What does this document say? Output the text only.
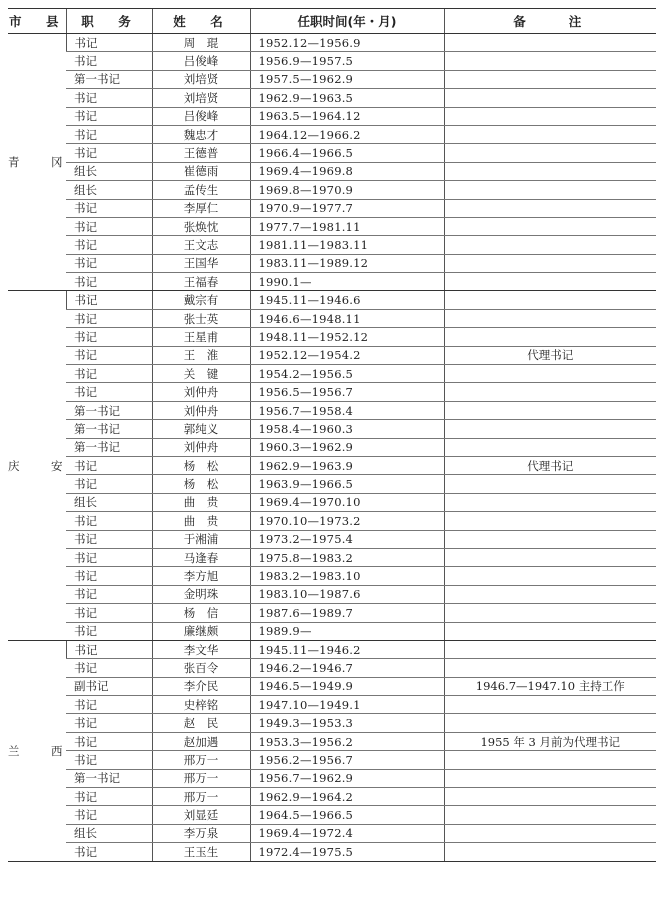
市　县	职　务	姓　名	任职时间(年・月)	备　　注
青　冈	书记	周　琨	1952.12—1956.9	
	书记	吕俊峰	1956.9—1957.5	
	第一书记	刘培贤	1957.5—1962.9	
	书记	刘培贤	1962.9—1963.5	
	书记	吕俊峰	1963.5—1964.12	
	书记	魏忠才	1964.12—1966.2	
	书记	王德普	1966.4—1966.5	
	组长	崔德雨	1969.4—1969.8	
	组长	孟传生	1969.8—1970.9	
	书记	李厚仁	1970.9—1977.7	
	书记	张焕忱	1977.7—1981.11	
	书记	王文志	1981.11—1983.11	
	书记	王国华	1983.11—1989.12	
	书记	王福春	1990.1—	
庆　安	书记	戴宗有	1945.11—1946.6	
	书记	张士英	1946.6—1948.11	
	书记	王星甫	1948.11—1952.12	
	书记	王　淮	1952.12—1954.2	代理书记
	书记	关　键	1954.2—1956.5	
	书记	刘仲舟	1956.5—1956.7	
	第一书记	刘仲舟	1956.7—1958.4	
	第一书记	郭纯义	1958.4—1960.3	
	第一书记	刘仲舟	1960.3—1962.9	
	书记	杨　松	1962.9—1963.9	代理书记
	书记	杨　松	1963.9—1966.5	
	组长	曲　贵	1969.4—1970.10	
	书记	曲　贵	1970.10—1973.2	
	书记	于湘浦	1973.2—1975.4	
	书记	马逢春	1975.8—1983.2	
	书记	李方旭	1983.2—1983.10	
	书记	金明珠	1983.10—1987.6	
	书记	杨　信	1987.6—1989.7	
	书记	廉继颇	1989.9—	
兰　西	书记	李文华	1945.11—1946.2	
	书记	张百令	1946.2—1946.7	
	副书记	李介民	1946.5—1949.9	1946.7—1947.10 主持工作
	书记	史梓铭	1947.10—1949.1	
	书记	赵　民	1949.3—1953.3	
	书记	赵加遇	1953.3—1956.2	1955 年 3 月前为代理书记
	书记	邢万一	1956.2—1956.7	
	第一书记	邢万一	1956.7—1962.9	
	书记	邢万一	1962.9—1964.2	
	书记	刘显廷	1964.5—1966.5	
	组长	李万泉	1969.4—1972.4	
	书记	王玉生	1972.4—1975.5	
